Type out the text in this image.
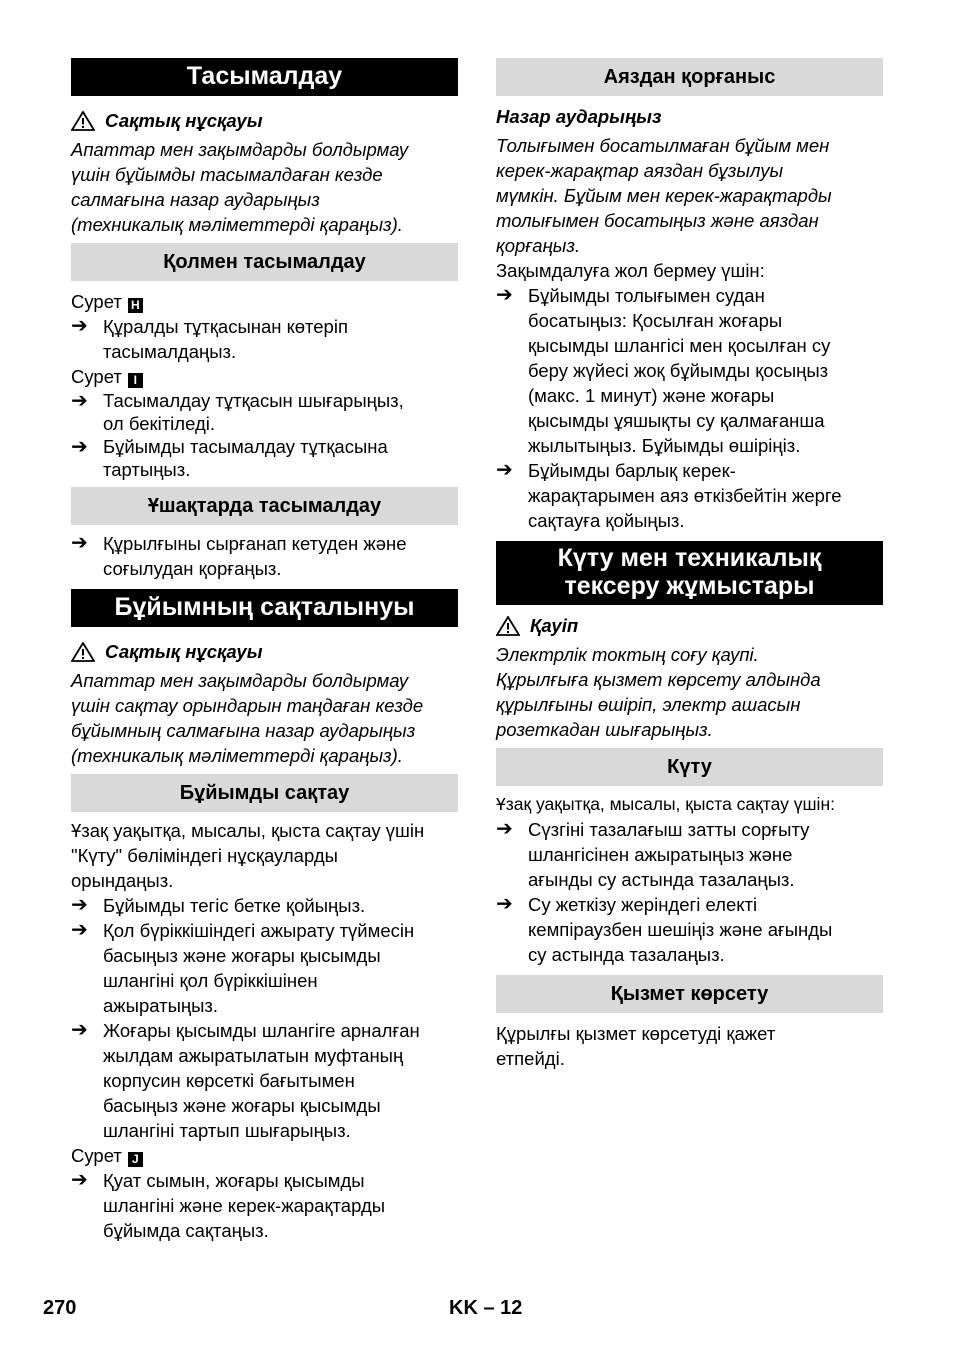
Тасымалдау
Сақтық нұсқауы

Апаттар мен зақымдарды болдырмау

үшін бұйымды тасымалдаған кезде

салмағына назар аударыңыз

(техникалық мәліметтерді қараңыз).

Қолмен тасымалдау

Сурет H

➔ Құралды тұтқасынан көтеріп
тасымалдаңыз.

Сурет I

➔ Тасымалдау тұтқасын шығарыңыз,
ол бекітіледі.
➔ Бұйымды тасымалдау тұтқасына
тартыңыз.
Ұшақтарда тасымалдау
➔ Құрылғыны сырғанап кетуден және
соғылудан қорғаңыз.
Бұйымның сақталынуы
Сақтық нұсқауы

Апаттар мен зақымдарды болдырмау

үшін сақтау орындарын таңдаған кезде

бұйымның салмағына назар аударыңыз

(техникалық мәліметтерді қараңыз).

Бұйымды сақтау

Ұзақ уақытқа, мысалы, қыста сақтау үшін

"Күту" бөліміндегі нұсқауларды

орындаңыз.

➔ Бұйымды тегіс бетке қойыңыз.
➔ Қол бүріккішіндегі ажырату түймесін
басыңыз және жоғары қысымды
шлангіні қол бүріккішінен
ажыратыңыз.
➔ Жоғары қысымды шлангіге арналған
жылдам ажыратылатын муфтаның
корпусин көрсеткі бағытымен
басыңыз және жоғары қысымды
шлангіні тартып шығарыңыз.

Сурет J

➔ Қуат сымын, жоғары қысымды
шлангіні және керек-жарақтарды
бұйымда сақтаңыз.
Аяздан қорғаныс

Назар аударыңыз

Толығымен босатылмаған бұйым мен

керек-жарақтар аяздан бұзылуы

мүмкін. Бұйым мен керек-жарақтарды

толығымен босатыңыз және аяздан

қорғаңыз.

Зақымдалуға жол бермеу үшін:

➔ Бұйымды толығымен судан
босатыңыз: Қосылған жоғары
қысымды шлангісі мен қосылған су
беру жүйесі жоқ бұйымды қосыңыз
(макс. 1 минут) және жоғары
қысымды ұяшықты су қалмағанша
жылытыңыз. Бұйымды өшіріңіз.
➔ Бұйымды барлық керек-
жарақтарымен аяз өткізбейтін жерге
сақтауға қойыңыз.
Күту мен техникалық
тексеру жұмыстары
Қауіп

Электрлік токтың соғу қаупі.

Құрылғыға қызмет көрсету алдында

құрылғыны өшіріп, электр ашасын

розеткадан шығарыңыз.

Күту

Ұзақ уақытқа, мысалы, қыста сақтау үшін:

➔ Сүзгіні тазалағыш затты сорғыту
шлангісінен ажыратыңыз және
ағынды су астында тазалаңыз.
➔ Су жеткізу жеріндегі електі
кемпіраузбен шешіңіз және ағынды
су астында тазалаңыз.
Қызмет көрсету

Құрылғы қызмет көрсетуді қажет

етпейді.

270	KK – 12
